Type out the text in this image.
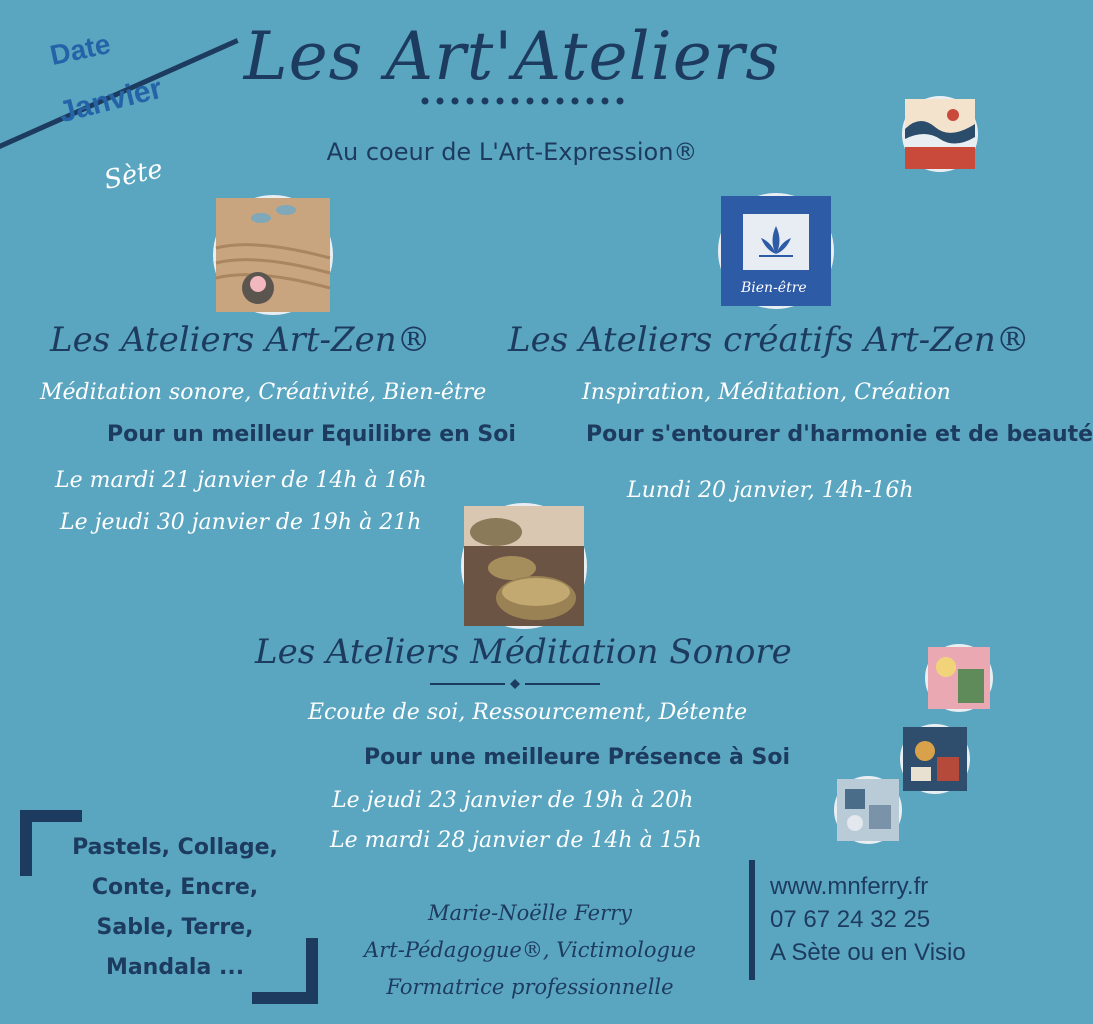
Les Art'Ateliers
Au coeur de L'Art-Expression®
Date
Janvier
Sète
Les Ateliers Art-Zen®
Méditation sonore, Créativité, Bien-être
Pour un meilleur Equilibre en Soi
Le mardi 21 janvier de 14h à 16h
Le jeudi 30 janvier de 19h à 21h
Bien-être
Les Ateliers créatifs Art-Zen®
Inspiration, Méditation, Création
Pour s'entourer d'harmonie et de beauté
Lundi 20 janvier, 14h-16h
Les Ateliers Méditation Sonore
Ecoute de soi, Ressourcement, Détente
Pour une meilleure Présence à Soi
Le jeudi 23 janvier de 19h à 20h
Le mardi 28 janvier de 14h à 15h
Pastels, Collage,
Conte, Encre,
Sable, Terre,
Mandala ...
Marie-Noëlle Ferry
Art-Pédagogue®, Victimologue
Formatrice professionnelle
www.mnferry.fr
07 67 24 32 25
A Sète ou en Visio
